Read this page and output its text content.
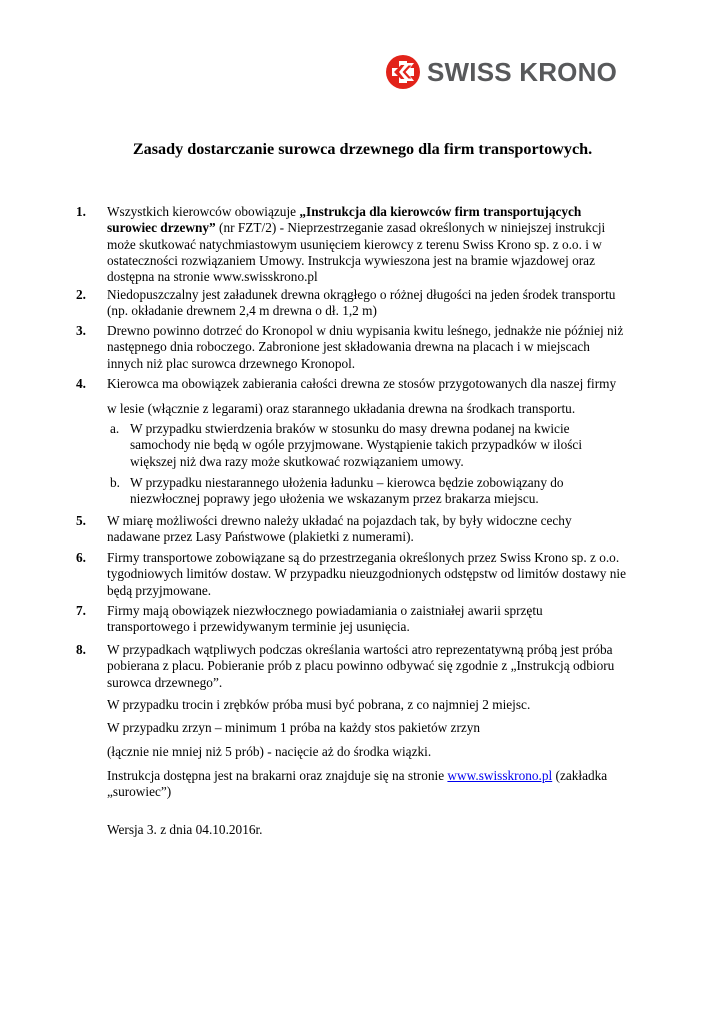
SWISS KRONO
Zasady dostarczanie surowca drzewnego dla firm transportowych.
1. Wszystkich kierowców obowiązuje „Instrukcja dla kierowców firm transportujących surowiec drzewny” (nr FZT/2) - Nieprzestrzeganie zasad określonych w niniejszej instrukcji może skutkować natychmiastowym usunięciem kierowcy z terenu Swiss Krono sp. z o.o. i w ostateczności rozwiązaniem Umowy. Instrukcja wywieszona jest na bramie wjazdowej oraz dostępna na stronie www.swisskrono.pl
2. Niedopuszczalny jest załadunek drewna okrągłego o różnej długości na jeden środek transportu (np. okładanie drewnem 2,4 m drewna o dł. 1,2 m)
3. Drewno powinno dotrzeć do Kronopol w dniu wypisania kwitu leśnego, jednakże nie później niż następnego dnia roboczego. Zabronione jest składowania drewna na placach i w miejscach innych niż plac surowca drzewnego Kronopol.
4. Kierowca ma obowiązek zabierania całości drewna ze stosów przygotowanych dla naszej firmy
w lesie (włącznie z legarami) oraz starannego układania drewna na środkach transportu.
a. W przypadku stwierdzenia braków w stosunku do masy drewna podanej na kwicie samochody nie będą w ogóle przyjmowane. Wystąpienie takich przypadków w ilości większej niż dwa razy może skutkować rozwiązaniem umowy.
b. W przypadku niestarannego ułożenia ładunku – kierowca będzie zobowiązany do niezwłocznej poprawy jego ułożenia we wskazanym przez brakarza miejscu.
5. W miarę możliwości drewno należy układać na pojazdach tak, by były widoczne cechy nadawane przez Lasy Państwowe (plakietki z numerami).
6. Firmy transportowe zobowiązane są do przestrzegania określonych przez Swiss Krono sp. z o.o. tygodniowych limitów dostaw. W przypadku nieuzgodnionych odstępstw od limitów dostawy nie będą przyjmowane.
7. Firmy mają obowiązek niezwłocznego powiadamiania o zaistniałej awarii sprzętu transportowego i przewidywanym terminie jej usunięcia.
8. W przypadkach wątpliwych podczas określania wartości atro reprezentatywną próbą jest próba pobierana z placu. Pobieranie prób z placu powinno odbywać się zgodnie z „Instrukcją odbioru surowca drzewnego”.
W przypadku trocin i zrębków próba musi być pobrana, z co najmniej 2 miejsc.
W przypadku zrzyn – minimum 1 próba na każdy stos pakietów zrzyn
(łącznie nie mniej niż 5 prób) - nacięcie aż do środka wiązki.
Instrukcja dostępna jest na brakarni oraz znajduje się na stronie www.swisskrono.pl (zakładka „surowiec”)
Wersja 3. z dnia 04.10.2016r.
